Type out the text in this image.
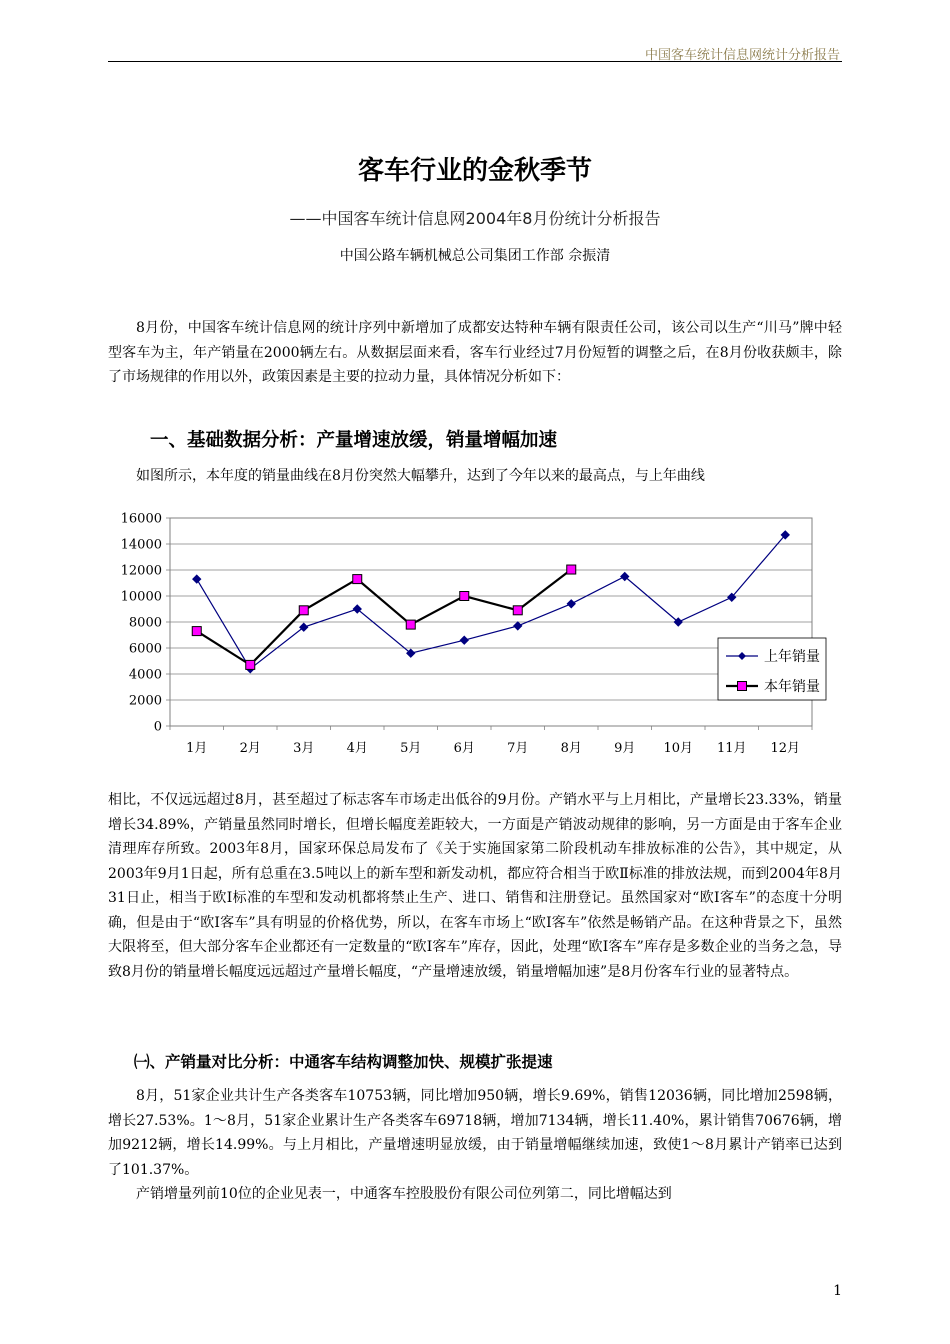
中国客车统计信息网统计分析报告
客车行业的金秋季节
——中国客车统计信息网2004年8月份统计分析报告
中国公路车辆机械总公司集团工作部 佘振清

8月份，中国客车统计信息网的统计序列中新增加了成都安达特种车辆有限责任公司，该公司以生产“川马”牌中轻型客车为主，年产销量在2000辆左右。从数据层面来看，客车行业经过7月份短暂的调整之后，在8月份收获颇丰，除了市场规律的作用以外，政策因素是主要的拉动力量，具体情况分析如下：

一、基础数据分析：产量增速放缓，销量增幅加速

如图所示，本年度的销量曲线在8月份突然大幅攀升，达到了今年以来的最高点，与上年曲线

0
2000
4000
6000
8000
10000
12000
14000
16000
1月 2月 3月 4月 5月 6月 7月 8月 9月 10月 11月 12月
上年销量
本年销量

相比，不仅远远超过8月，甚至超过了标志客车市场走出低谷的9月份。产销水平与上月相比，产量增长23.33%，销量增长34.89%，产销量虽然同时增长，但增长幅度差距较大，一方面是产销波动规律的影响，另一方面是由于客车企业清理库存所致。2003年8月，国家环保总局发布了《关于实施国家第二阶段机动车排放标准的公告》，其中规定，从2003年9月1日起，所有总重在3.5吨以上的新车型和新发动机，都应符合相当于欧Ⅱ标准的排放法规，而到2004年8月31日止，相当于欧Ⅰ标准的车型和发动机都将禁止生产、进口、销售和注册登记。虽然国家对“欧Ⅰ客车”的态度十分明确，但是由于“欧Ⅰ客车”具有明显的价格优势，所以，在客车市场上“欧Ⅰ客车”依然是畅销产品。在这种背景之下，虽然大限将至，但大部分客车企业都还有一定数量的“欧Ⅰ客车”库存，因此，处理“欧Ⅰ客车”库存是多数企业的当务之急，导致8月份的销量增长幅度远远超过产量增长幅度，“产量增速放缓，销量增幅加速”是8月份客车行业的显著特点。

㈠、产销量对比分析：中通客车结构调整加快、规模扩张提速

8月，51家企业共计生产各类客车10753辆，同比增加950辆，增长9.69%，销售12036辆，同比增加2598辆，增长27.53%。1～8月，51家企业累计生产各类客车69718辆，增加7134辆，增长11.40%，累计销售70676辆，增加9212辆，增长14.99%。与上月相比，产量增速明显放缓，由于销量增幅继续加速，致使1～8月累计产销率已达到了101.37%。

产销增量列前10位的企业见表一，中通客车控股股份有限公司位列第二，同比增幅达到

1
